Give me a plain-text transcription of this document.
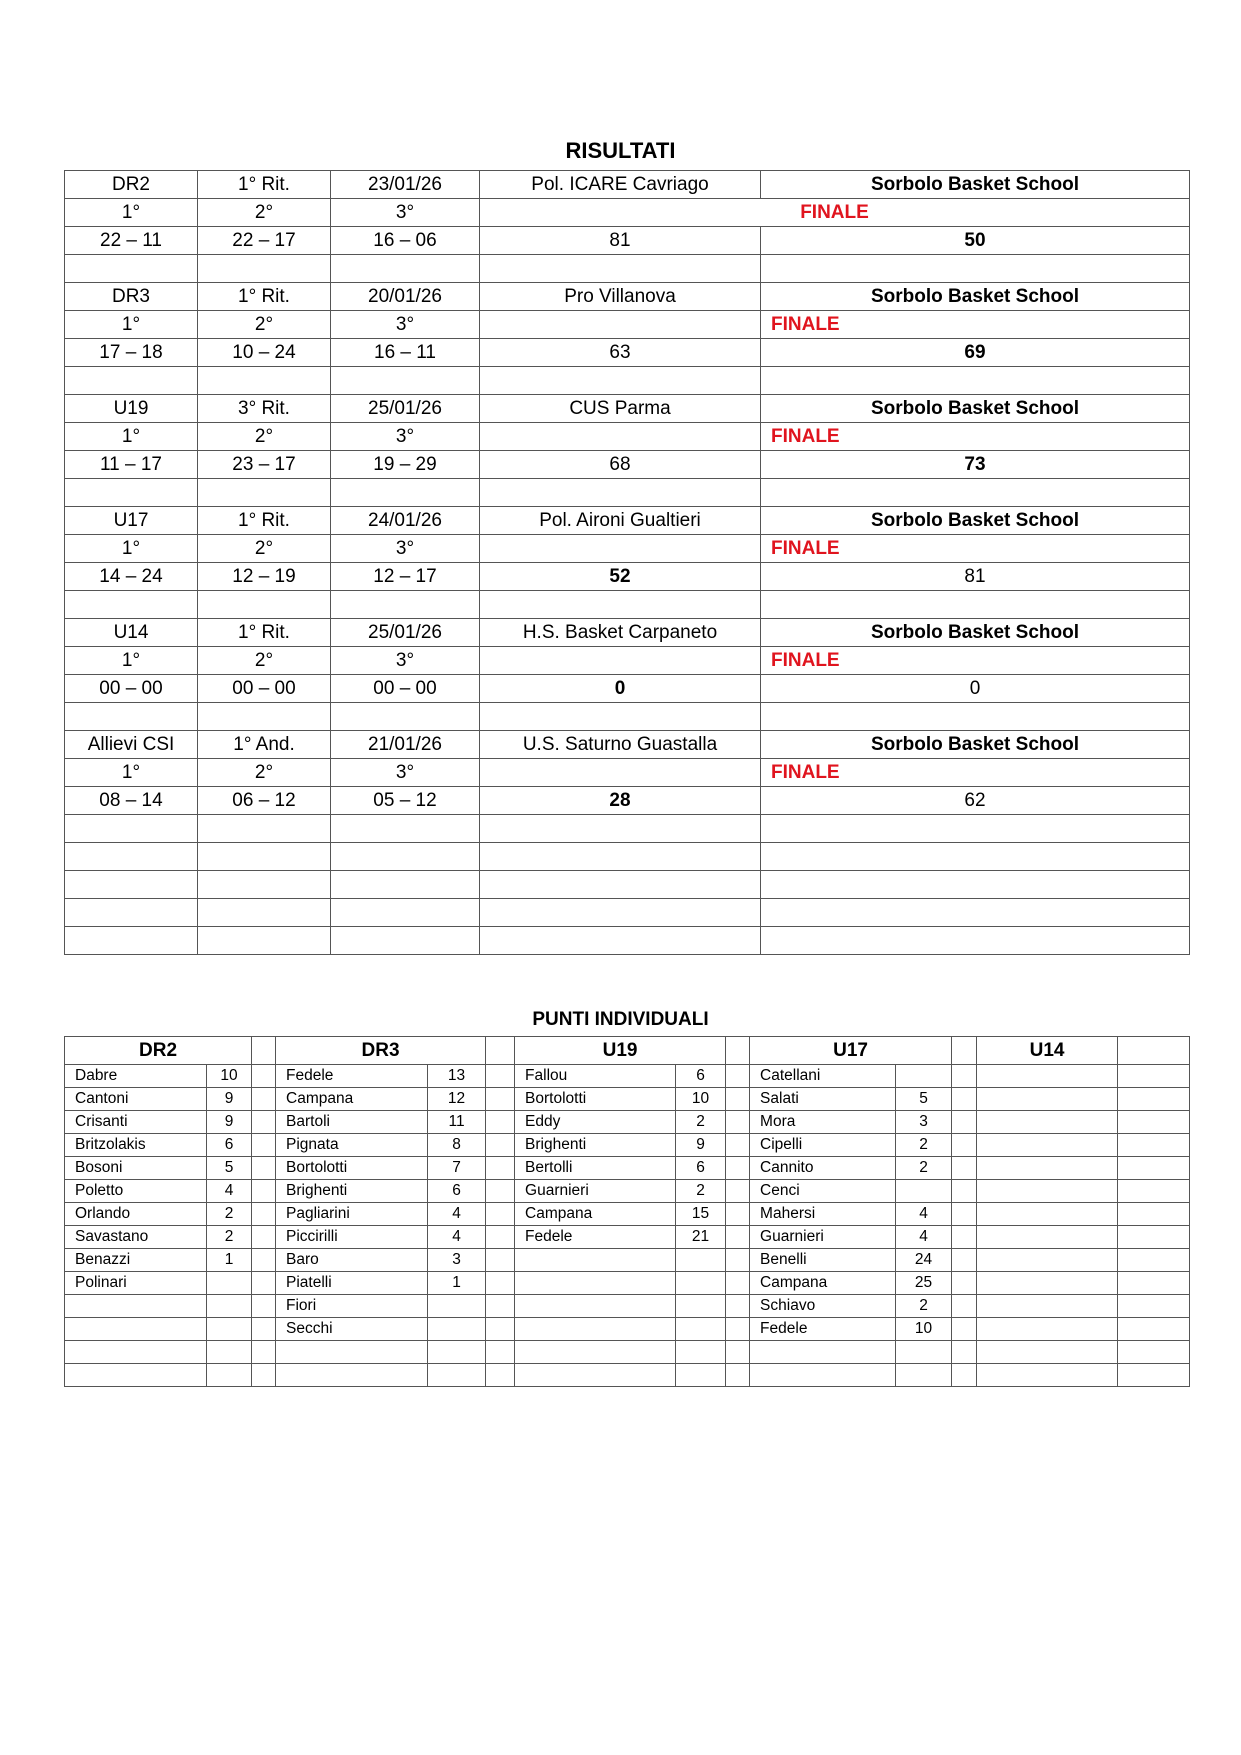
RISULTATI
DR2	1° Rit.	23/01/26	Pol. ICARE Cavriago	Sorbolo Basket School
1°	2°	3°	FINALE	
22 – 11	22 – 17	16 – 06	81	50

DR3	1° Rit.	20/01/26	Pro Villanova	Sorbolo Basket School
1°	2°	3°		FINALE
17 – 18	10 – 24	16 – 11	63	69

U19	3° Rit.	25/01/26	CUS Parma	Sorbolo Basket School
1°	2°	3°		FINALE
11 – 17	23 – 17	19 – 29	68	73

U17	1° Rit.	24/01/26	Pol. Aironi Gualtieri	Sorbolo Basket School
1°	2°	3°		FINALE
14 – 24	12 – 19	12 – 17	52	81

U14	1° Rit.	25/01/26	H.S. Basket Carpaneto	Sorbolo Basket School
1°	2°	3°		FINALE
00 – 00	00 – 00	00 – 00	0	0

Allievi CSI	1° And.	21/01/26	U.S. Saturno Guastalla	Sorbolo Basket School
1°	2°	3°		FINALE
08 – 14	06 – 12	05 – 12	28	62

PUNTI INDIVIDUALI
DR2			DR3			U19			U17			U14	
Dabre	10		Fedele	13		Fallou	6		Catellani				
Cantoni	9		Campana	12		Bortolotti	10		Salati	5			
Crisanti	9		Bartoli	11		Eddy	2		Mora	3			
Britzolakis	6		Pignata	8		Brighenti	9		Cipelli	2			
Bosoni	5		Bortolotti	7		Bertolli	6		Cannito	2			
Poletto	4		Brighenti	6		Guarnieri	2		Cenci				
Orlando	2		Pagliarini	4		Campana	15		Mahersi	4			
Savastano	2		Piccirilli	4		Fedele	21		Guarnieri	4			
Benazzi	1		Baro	3					Benelli	24			
Polinari			Piatelli	1					Campana	25			
			Fiori						Schiavo	2			
			Secchi						Fedele	10			
